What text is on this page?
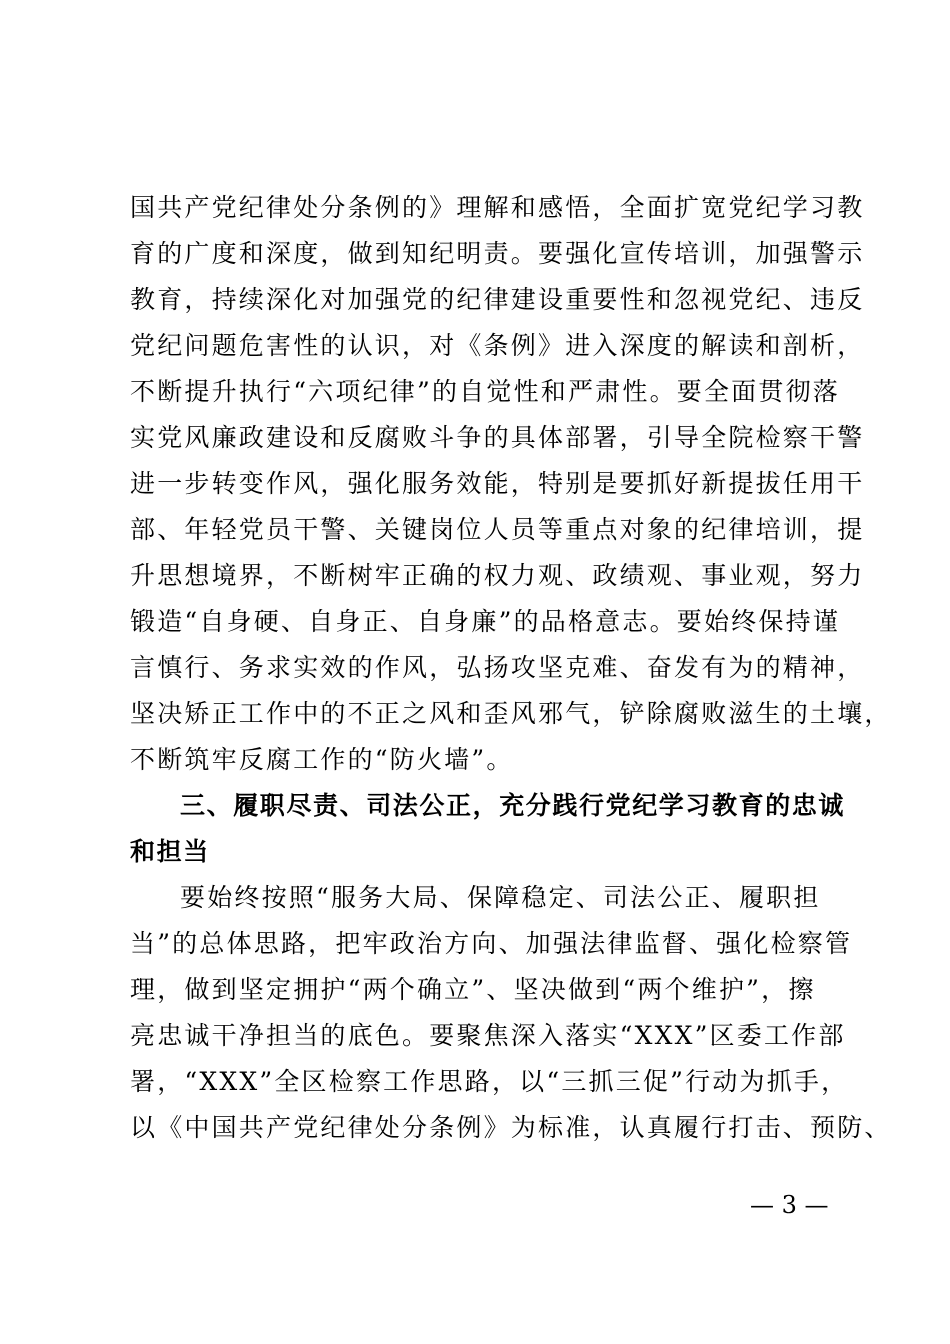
国共产党纪律处分条例的》理解和感悟，全面扩宽党纪学习教
育的广度和深度，做到知纪明责。要强化宣传培训，加强警示
教育，持续深化对加强党的纪律建设重要性和忽视党纪、违反
党纪问题危害性的认识，对《条例》进入深度的解读和剖析，
不断提升执行“六项纪律”的自觉性和严肃性。要全面贯彻落
实党风廉政建设和反腐败斗争的具体部署，引导全院检察干警
进一步转变作风，强化服务效能，特别是要抓好新提拔任用干
部、年轻党员干警、关键岗位人员等重点对象的纪律培训，提
升思想境界，不断树牢正确的权力观、政绩观、事业观，努力
锻造“自身硬、自身正、自身廉”的品格意志。要始终保持谨
言慎行、务求实效的作风，弘扬攻坚克难、奋发有为的精神，
坚决矫正工作中的不正之风和歪风邪气，铲除腐败滋生的土壤，
不断筑牢反腐工作的“防火墙”。
三、履职尽责、司法公正，充分践行党纪学习教育的忠诚
和担当
要始终按照“服务大局、保障稳定、司法公正、履职担
当”的总体思路，把牢政治方向、加强法律监督、强化检察管
理，做到坚定拥护“两个确立”、坚决做到“两个维护”，擦
亮忠诚干净担当的底色。要聚焦深入落实“XXX”区委工作部
署，“XXX”全区检察工作思路，以“三抓三促”行动为抓手，
以《中国共产党纪律处分条例》为标准，认真履行打击、预防、
— 3 —
